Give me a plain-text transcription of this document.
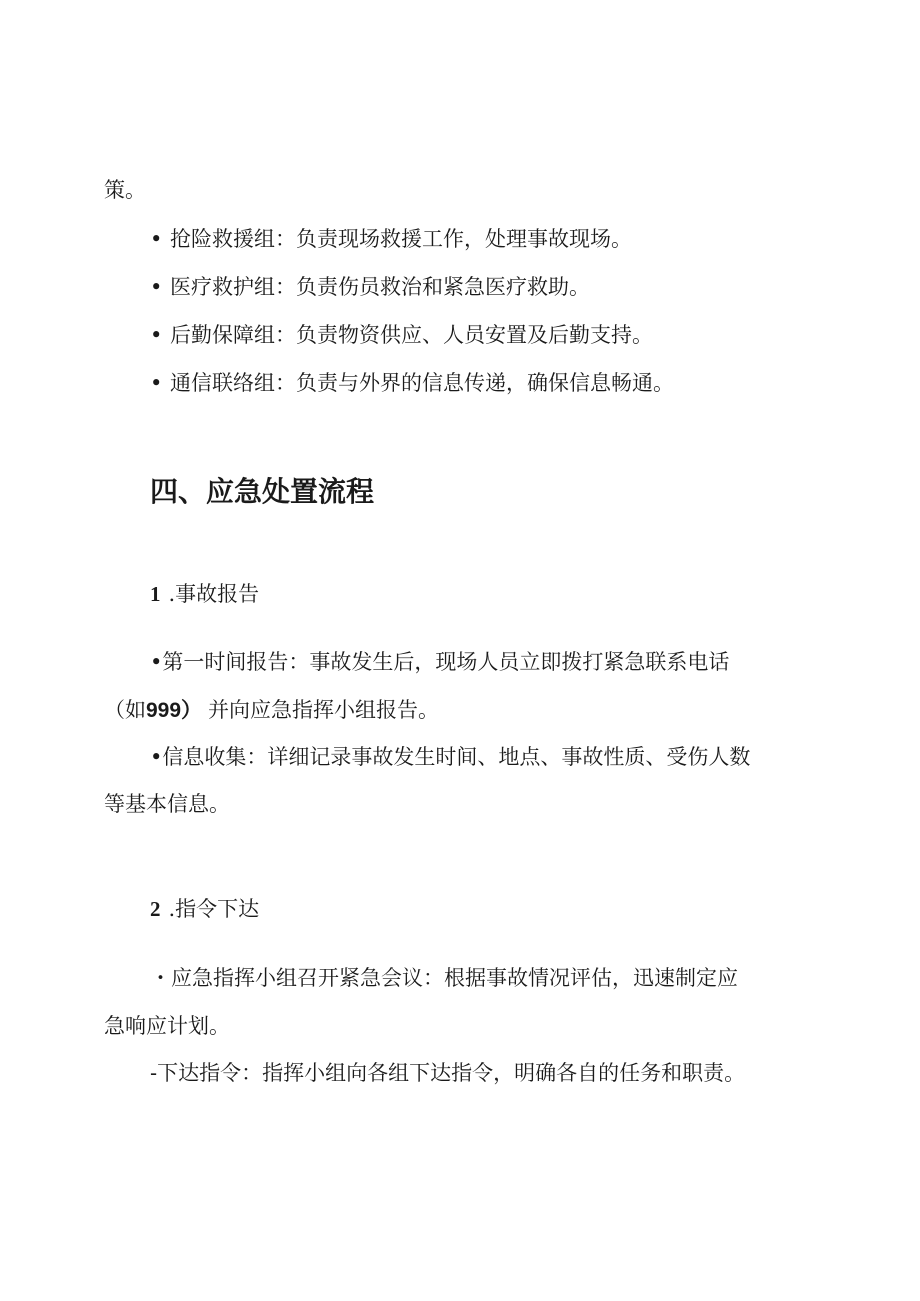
策。
• 抢险救援组：负责现场救援工作，处理事故现场。
• 医疗救护组：负责伤员救治和紧急医疗救助。
• 后勤保障组：负责物资供应、人员安置及后勤支持。
• 通信联络组：负责与外界的信息传递，确保信息畅通。
四、应急处置流程
1 .事故报告
•第一时间报告：事故发生后，现场人员立即拨打紧急联系电话
（如999） 并向应急指挥小组报告。
•信息收集：详细记录事故发生时间、地点、事故性质、受伤人数
等基本信息。
2 .指令下达
・应急指挥小组召开紧急会议：根据事故情况评估，迅速制定应
急响应计划。
-下达指令：指挥小组向各组下达指令，明确各自的任务和职责。
